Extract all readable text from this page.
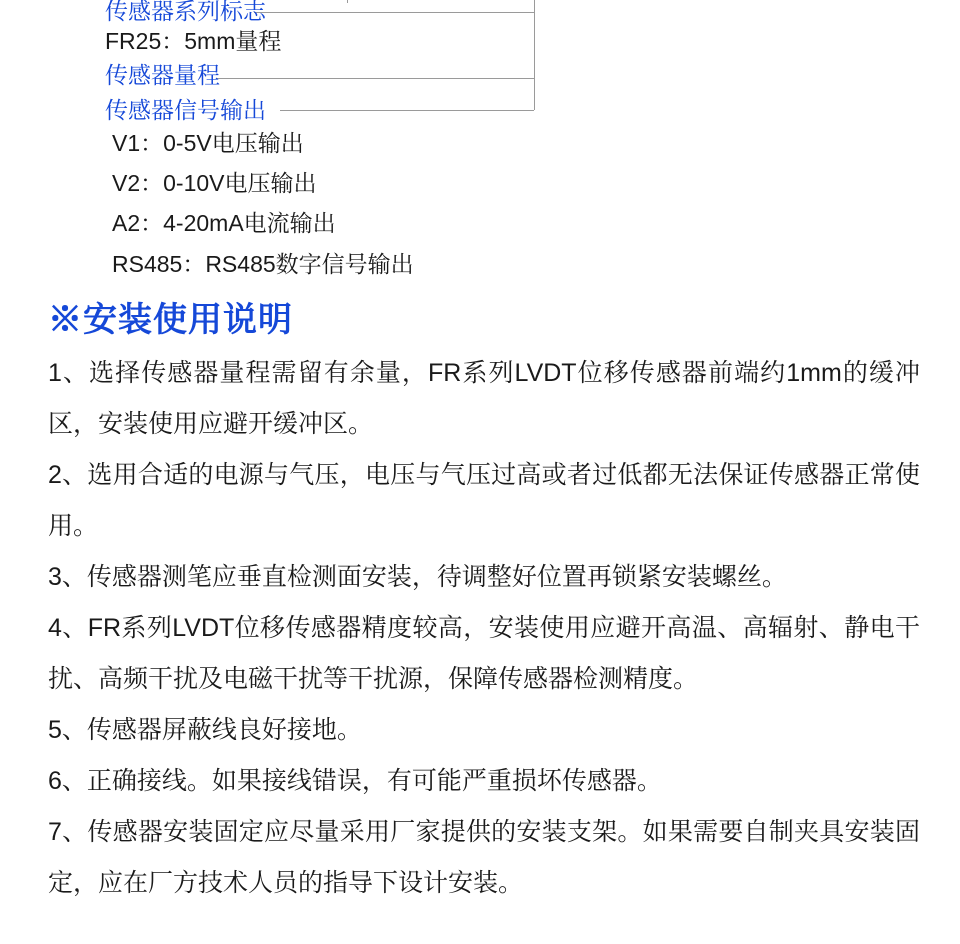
传感器系列标志
FR25：5mm量程
传感器量程
传感器信号输出
V1：0-5V电压输出
V2：0-10V电压输出
A2：4-20mA电流输出
RS485：RS485数字信号输出
※安装使用说明

1、选择传感器量程需留有余量，FR系列LVDT位移传感器前端约1mm的缓冲区，安装使用应避开缓冲区。

2、选用合适的电源与气压，电压与气压过高或者过低都无法保证传感器正常使用。

3、传感器测笔应垂直检测面安装，待调整好位置再锁紧安装螺丝。

4、FR系列LVDT位移传感器精度较高，安装使用应避开高温、高辐射、静电干扰、高频干扰及电磁干扰等干扰源，保障传感器检测精度。

5、传感器屏蔽线良好接地。

6、正确接线。如果接线错误，有可能严重损坏传感器。

7、传感器安装固定应尽量采用厂家提供的安装支架。如果需要自制夹具安装固定，应在厂方技术人员的指导下设计安装。
